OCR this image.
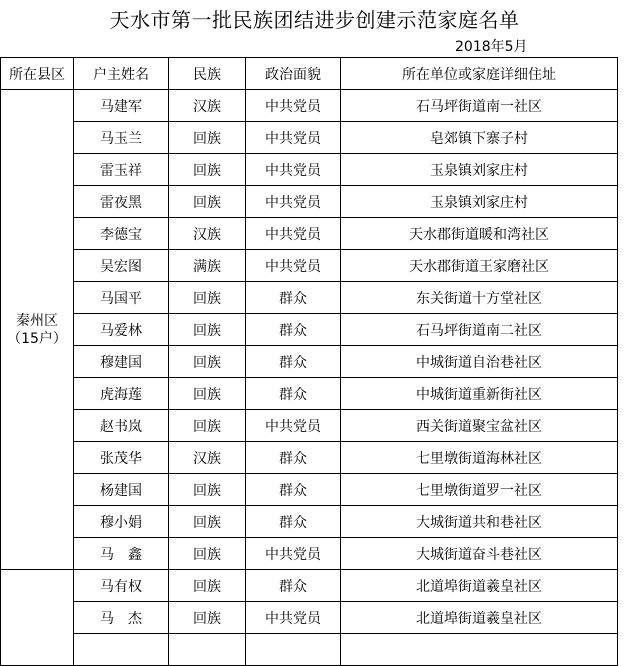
天水市第一批民族团结进步创建示范家庭名单
2018年5月
所在县区	户主姓名	民族	政治面貌	所在单位或家庭详细住址

秦州区
（15户）	马建军	汉族	中共党员	石马坪街道南一社区
	马玉兰	回族	中共党员	皂郊镇下寨子村
	雷玉祥	回族	中共党员	玉泉镇刘家庄村
	雷夜黑	回族	中共党员	玉泉镇刘家庄村
	李德宝	汉族	中共党员	天水郡街道暖和湾社区
	吴宏图	满族	中共党员	天水郡街道王家磨社区
	马国平	回族	群众	东关街道十方堂社区
	马爱林	回族	群众	石马坪街道南二社区
	穆建国	回族	群众	中城街道自治巷社区
	虎海莲	回族	群众	中城街道重新街社区
	赵书岚	回族	中共党员	西关街道聚宝盆社区
	张茂华	汉族	群众	七里墩街道海林社区
	杨建国	回族	群众	七里墩街道罗一社区
	穆小娟	回族	群众	大城街道共和巷社区
	马　鑫	回族	中共党员	大城街道奋斗巷社区

	马有权	回族	群众	北道埠街道羲皇社区
	马　杰	回族	中共党员	北道埠街道羲皇社区
